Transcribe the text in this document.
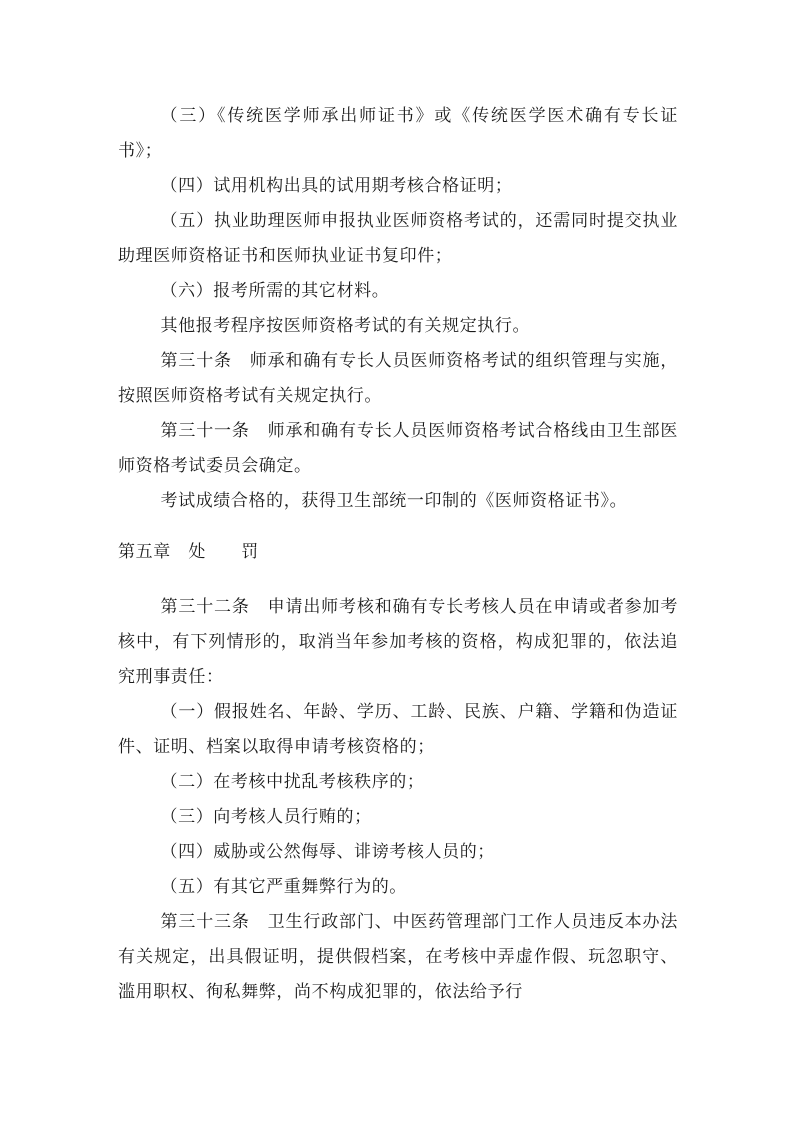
（三）《传统医学师承出师证书》或《传统医学医术确有专长证书》；

（四）试用机构出具的试用期考核合格证明；

（五）执业助理医师申报执业医师资格考试的，还需同时提交执业助理医师资格证书和医师执业证书复印件；

（六）报考所需的其它材料。

其他报考程序按医师资格考试的有关规定执行。

第三十条　师承和确有专长人员医师资格考试的组织管理与实施，按照医师资格考试有关规定执行。

第三十一条　师承和确有专长人员医师资格考试合格线由卫生部医师资格考试委员会确定。

考试成绩合格的，获得卫生部统一印制的《医师资格证书》。

第五章　处　　罚

第三十二条　申请出师考核和确有专长考核人员在申请或者参加考核中，有下列情形的，取消当年参加考核的资格，构成犯罪的，依法追究刑事责任：

（一）假报姓名、年龄、学历、工龄、民族、户籍、学籍和伪造证件、证明、档案以取得申请考核资格的；

（二）在考核中扰乱考核秩序的；

（三）向考核人员行贿的；

（四）威胁或公然侮辱、诽谤考核人员的；

（五）有其它严重舞弊行为的。

第三十三条　卫生行政部门、中医药管理部门工作人员违反本办法有关规定，出具假证明，提供假档案，在考核中弄虚作假、玩忽职守、滥用职权、徇私舞弊，尚不构成犯罪的，依法给予行
